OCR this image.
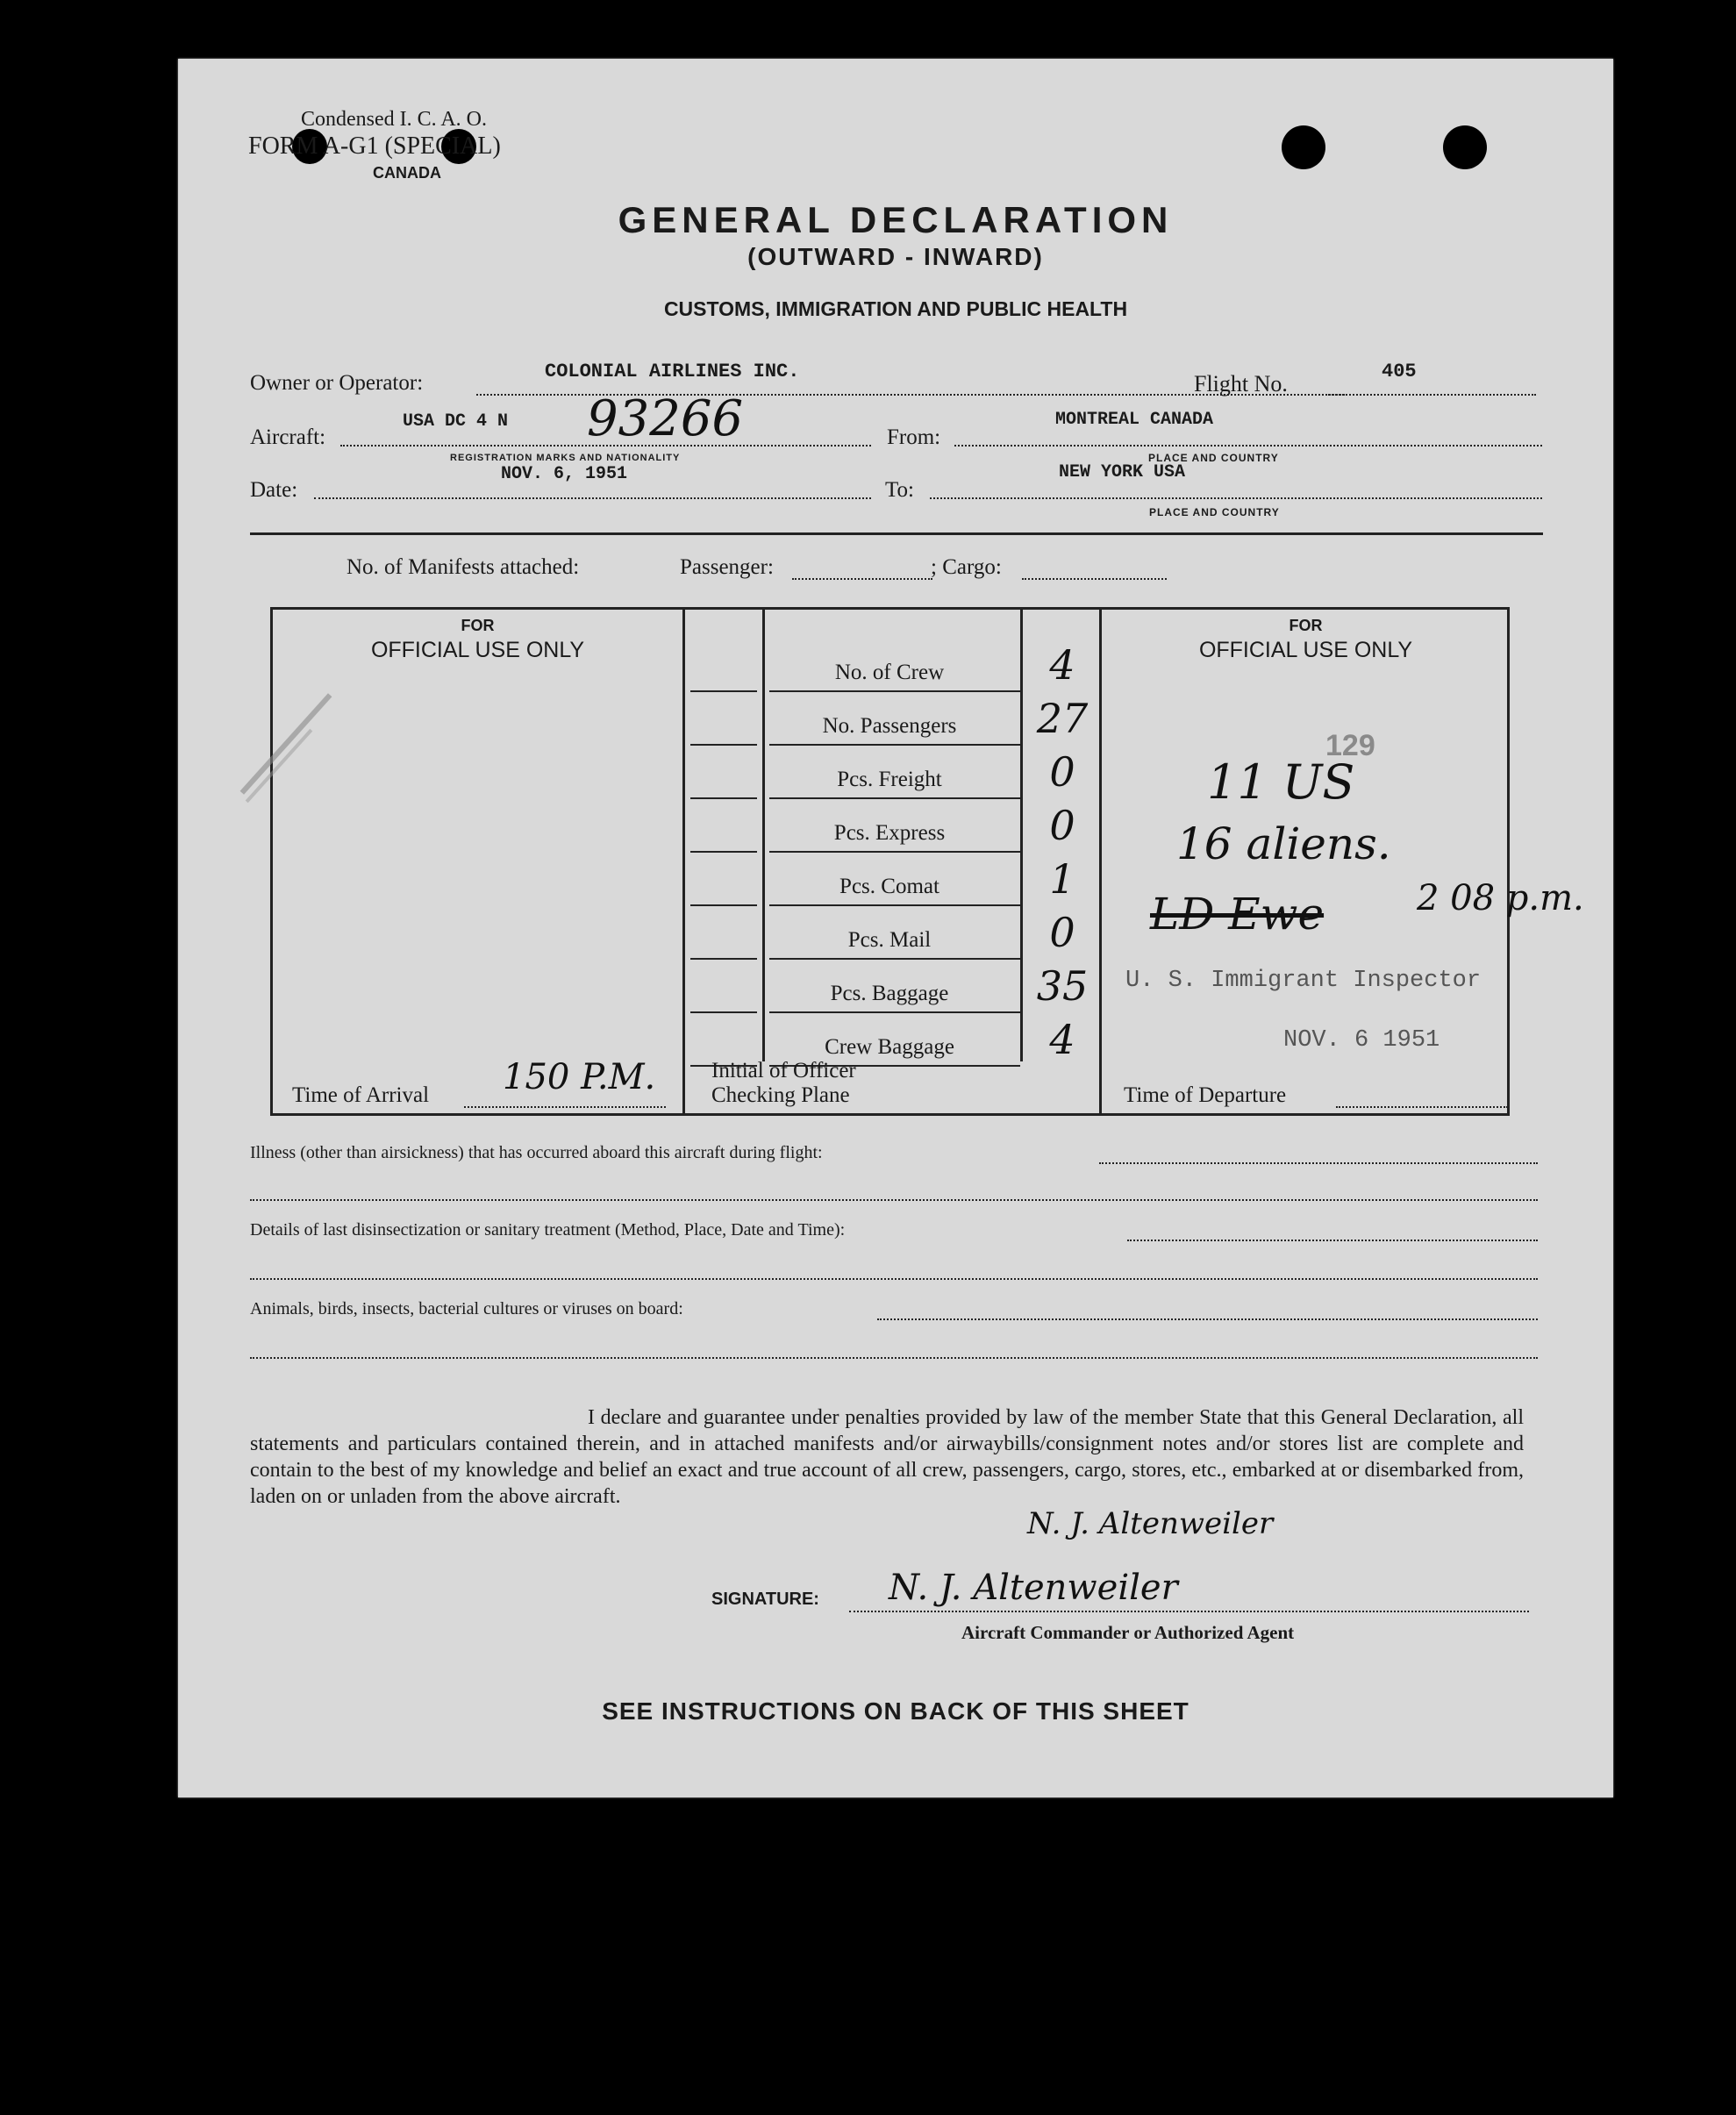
Condensed I. C. A. O.
FORM A-G1 (SPECIAL)
CANADA
GENERAL DECLARATION
(OUTWARD - INWARD)
CUSTOMS, IMMIGRATION AND PUBLIC HEALTH
Owner or Operator:	COLONIAL AIRLINES INC.	Flight No.	405
Aircraft:
USA DC 4 N 93266
REGISTRATION MARKS AND NATIONALITY
From:
MONTREAL CANADA
PLACE AND COUNTRY
Date:
NOV. 6, 1951
To:
NEW YORK USA
PLACE AND COUNTRY
No. of Manifests attached:	Passenger:	; Cargo:
FOR
OFFICIAL USE ONLY
FOR
OFFICIAL USE ONLY
No. of Crew	4
No. Passengers	27
Pcs. Freight	0
Pcs. Express	0
Pcs. Comat	1
Pcs. Mail	0
Pcs. Baggage	35
Crew Baggage	4
129
11 US
16 aliens.
LD Ewe	2 08 p.m.
U. S. Immigrant Inspector
NOV. 6 1951
Time of Arrival 150 P.M.	Initial of Officer
Checking Plane	Time of Departure
Illness (other than airsickness) that has occurred aboard this aircraft during flight:
Details of last disinsectization or sanitary treatment (Method, Place, Date and Time):
Animals, birds, insects, bacterial cultures or viruses on board:
I declare and guarantee under penalties provided by law of the member State that this General Declaration, all statements and particulars contained therein, and in attached manifests and/or airwaybills/consignment notes and/or stores list are complete and contain to the best of my knowledge and belief an exact and true account of all crew, passengers, cargo, stores, etc., embarked at or disembarked from, laden on or unladen from the above aircraft.
N. J. Altenweiler
SIGNATURE: N. J. Altenweiler
Aircraft Commander or Authorized Agent
SEE INSTRUCTIONS ON BACK OF THIS SHEET
